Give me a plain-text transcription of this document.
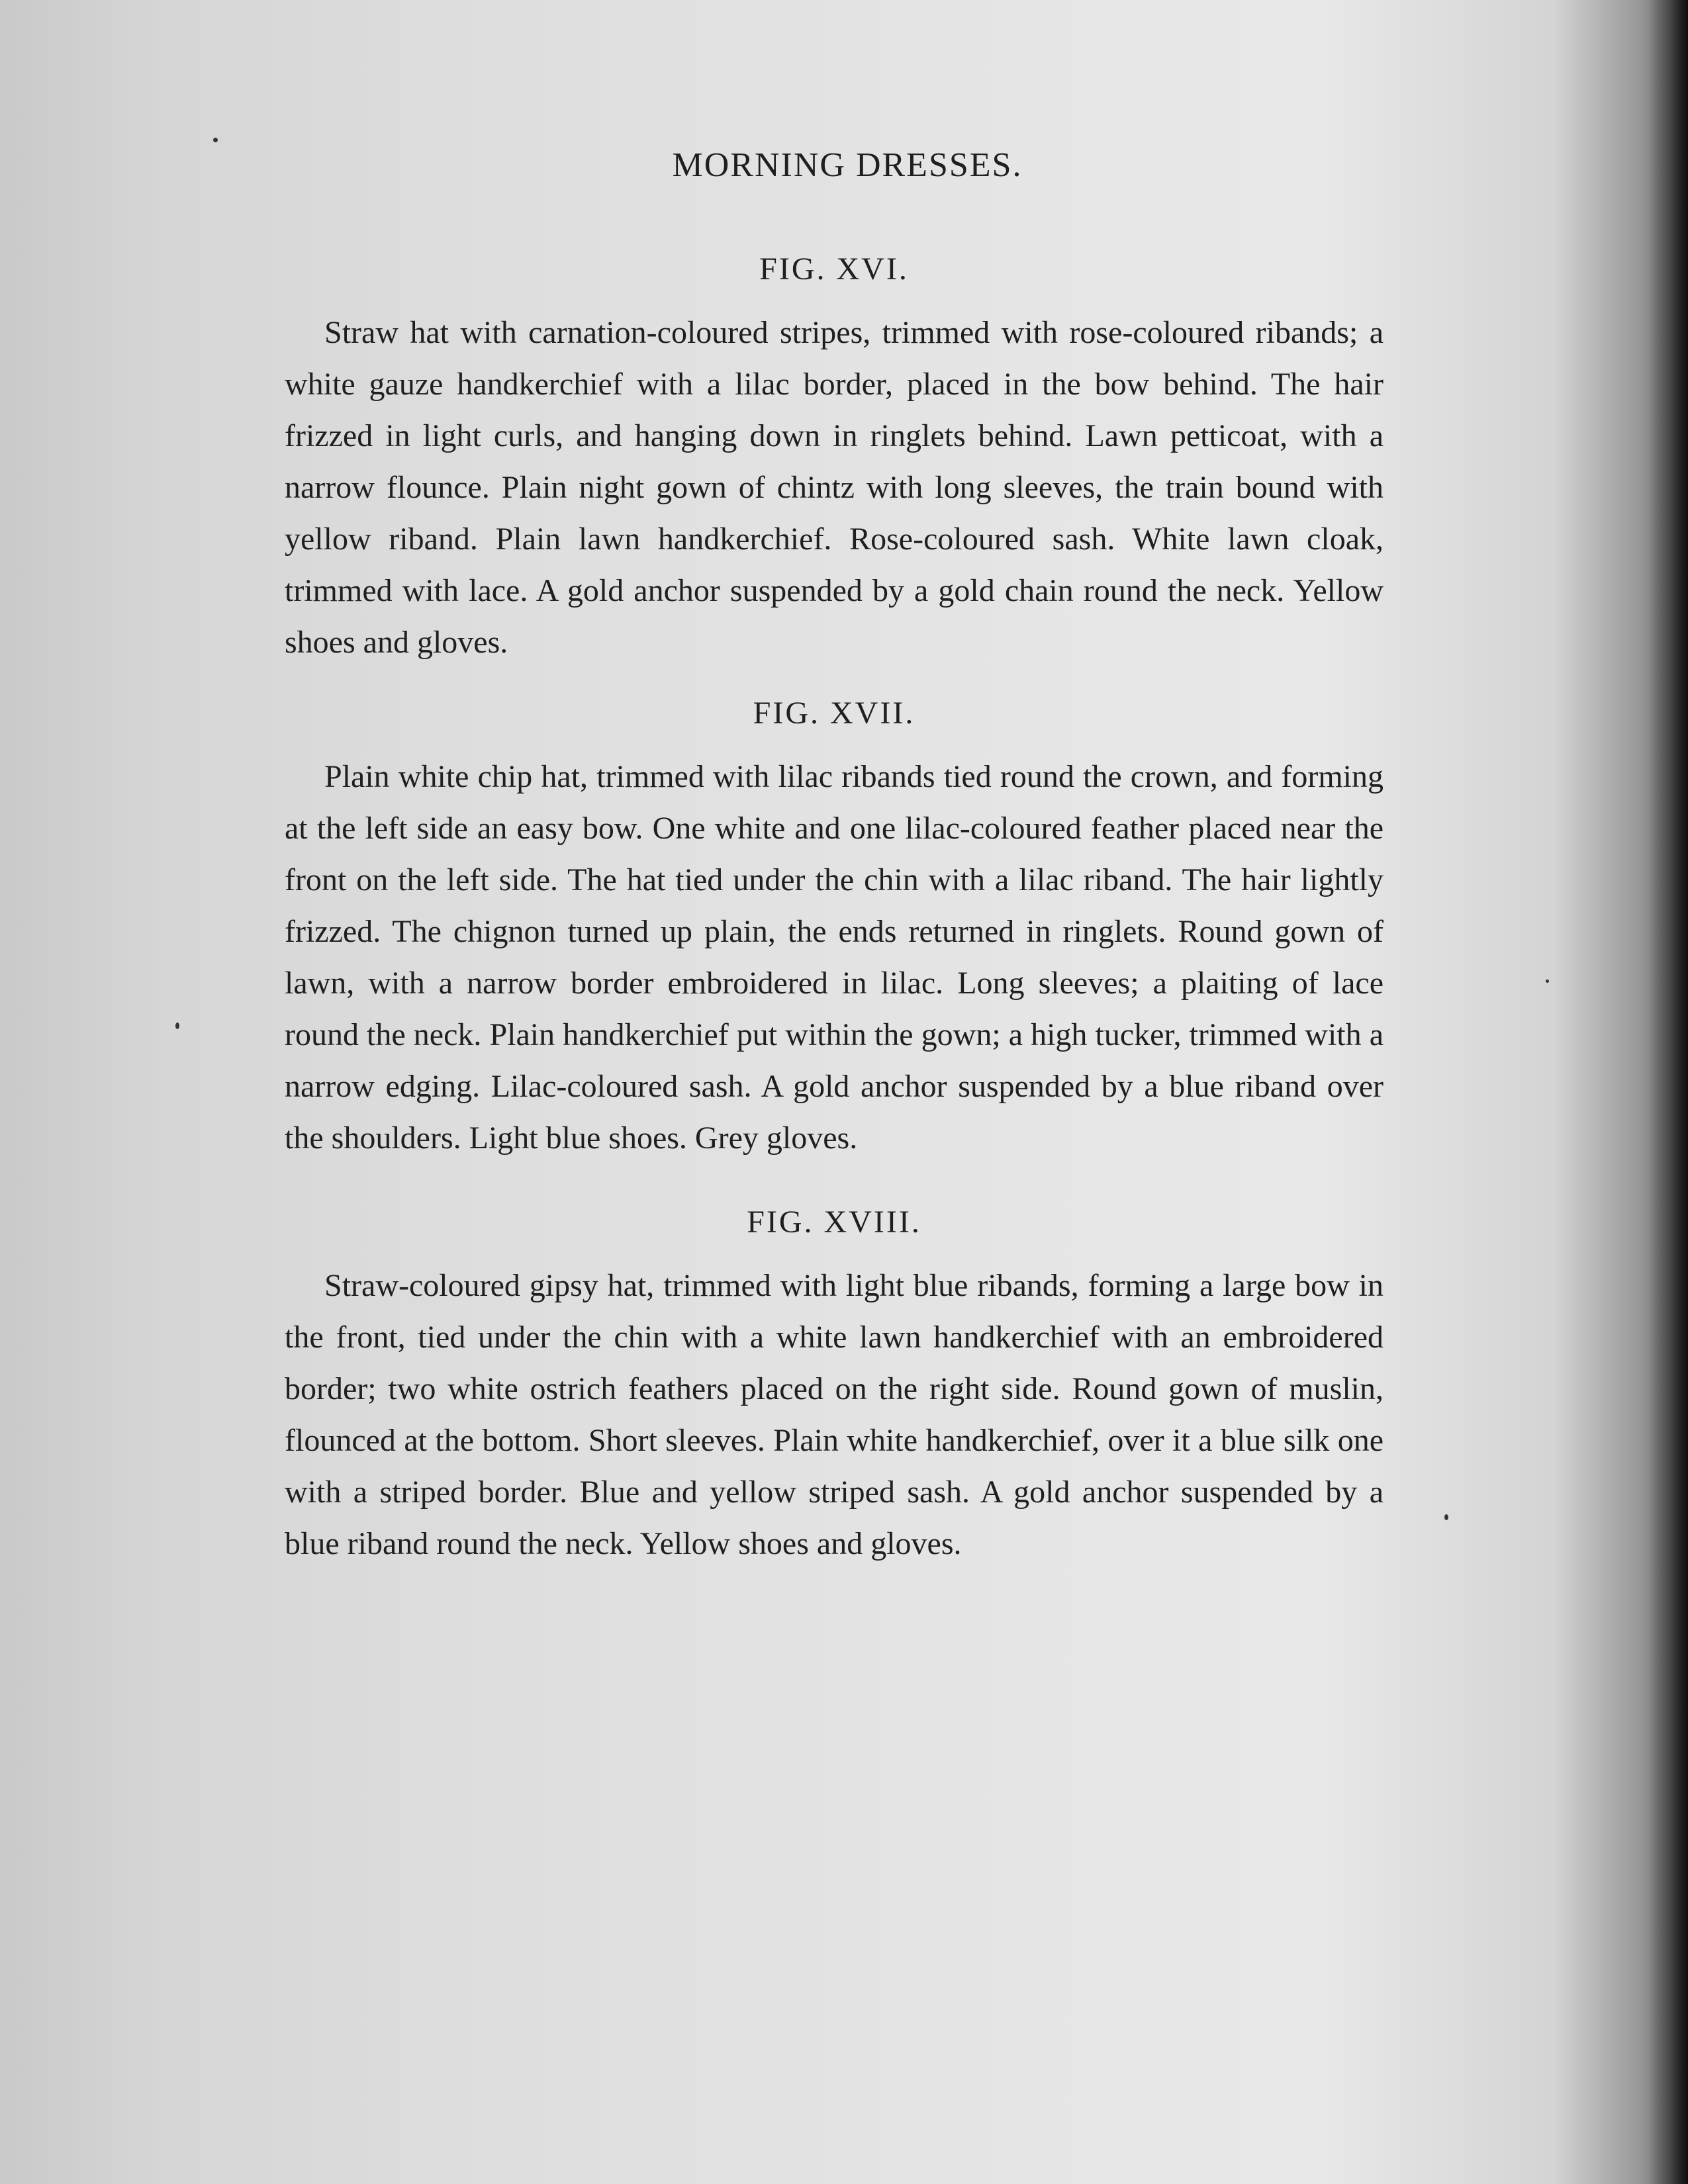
MORNING DRESSES.
FIG. XVI.

Straw hat with carnation-coloured stripes, trimmed with rose-coloured ribands; a white gauze handkerchief with a lilac border, placed in the bow behind. The hair frizzed in light curls, and hanging down in ringlets behind. Lawn petticoat, with a narrow flounce. Plain night gown of chintz with long sleeves, the train bound with yellow riband. Plain lawn handkerchief. Rose-coloured sash. White lawn cloak, trimmed with lace. A gold anchor suspended by a gold chain round the neck. Yellow shoes and gloves.

FIG. XVII.

Plain white chip hat, trimmed with lilac ribands tied round the crown, and forming at the left side an easy bow. One white and one lilac-coloured feather placed near the front on the left side. The hat tied under the chin with a lilac riband. The hair lightly frizzed. The chignon turned up plain, the ends returned in ringlets. Round gown of lawn, with a narrow border embroidered in lilac. Long sleeves; a plaiting of lace round the neck. Plain handkerchief put within the gown; a high tucker, trimmed with a narrow edging. Lilac-coloured sash. A gold anchor suspended by a blue riband over the shoulders. Light blue shoes. Grey gloves.

FIG. XVIII.

Straw-coloured gipsy hat, trimmed with light blue ribands, forming a large bow in the front, tied under the chin with a white lawn handkerchief with an embroidered border; two white ostrich feathers placed on the right side. Round gown of muslin, flounced at the bottom. Short sleeves. Plain white handkerchief, over it a blue silk one with a striped border. Blue and yellow striped sash. A gold anchor suspended by a blue riband round the neck. Yellow shoes and gloves.
